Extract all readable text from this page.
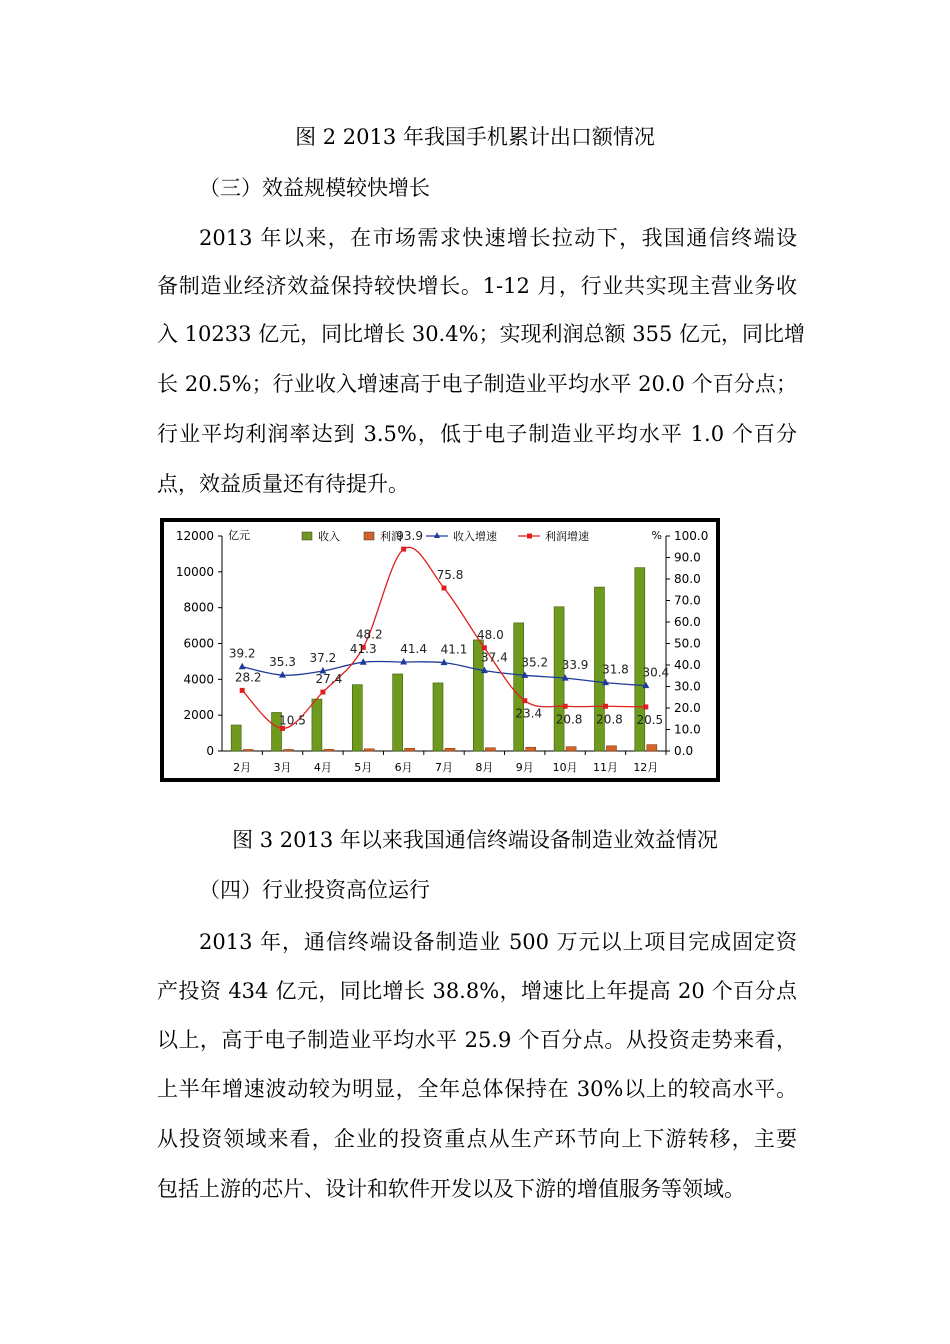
图 2 2013 年我国手机累计出口额情况
（三）效益规模较快增长
2013 年以来，在市场需求快速增长拉动下，我国通信终端设
备制造业经济效益保持较快增长。1-12 月，行业共实现主营业务收
入 10233 亿元，同比增长 30.4%；实现利润总额 355 亿元，同比增
长 20.5%；行业收入增速高于电子制造业平均水平 20.0 个百分点；
行业平均利润率达到 3.5%，低于电子制造业平均水平 1.0 个百分
点，效益质量还有待提升。
0
2000
4000
6000
8000
10000
12000
0.0
10.0
20.0
30.0
40.0
50.0
60.0
70.0
80.0
90.0
100.0
亿元	%
2月 3月 4月 5月 6月 7月 8月 9月 10月 11月 12月
39.2
35.3 37.2
41.3 41.4 41.1
37.4 35.2 33.9 31.8 30.4
28.2
10.5
27.4
48.2
93.9
75.8
48.0
23.4 20.8 20.8 20.5
收入	利润	收入增速	利润增速
图 3 2013 年以来我国通信终端设备制造业效益情况
（四）行业投资高位运行
2013 年，通信终端设备制造业 500 万元以上项目完成固定资
产投资 434 亿元，同比增长 38.8%，增速比上年提高 20 个百分点
以上，高于电子制造业平均水平 25.9 个百分点。从投资走势来看，
上半年增速波动较为明显，全年总体保持在 30%以上的较高水平。
从投资领域来看，企业的投资重点从生产环节向上下游转移，主要
包括上游的芯片、设计和软件开发以及下游的增值服务等领域。
